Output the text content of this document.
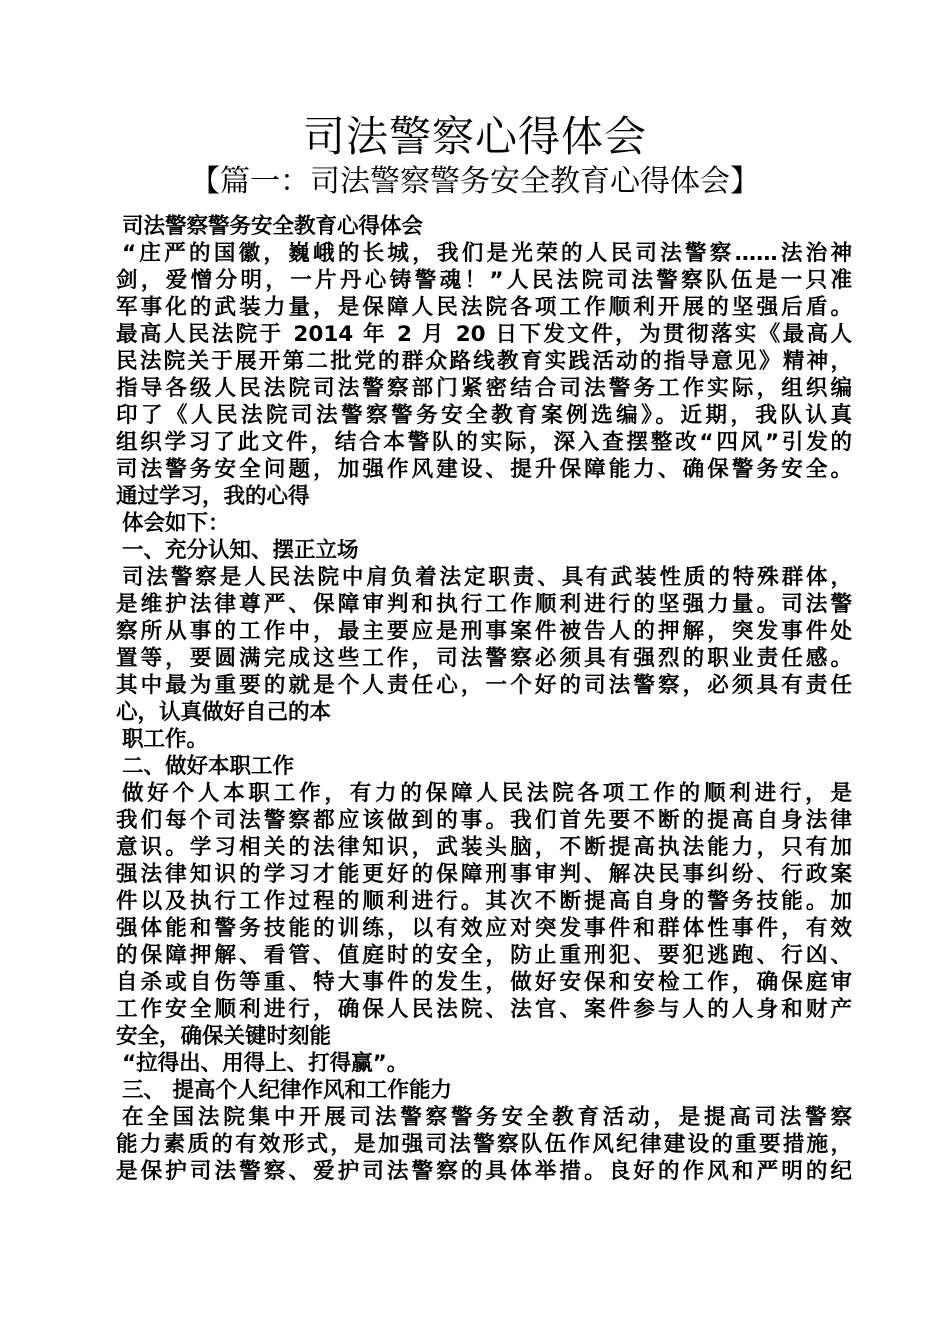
司法警察心得体会
【篇一：司法警察警务安全教育心得体会】
司法警察警务安全教育心得体会
“庄严的国徽，巍峨的长城，我们是光荣的人民司法警察……法治神
剑，爱憎分明，一片丹心铸警魂！”人民法院司法警察队伍是一只准
军事化的武装力量，是保障人民法院各项工作顺利开展的坚强后盾。
最高人民法院于 2014 年 2 月 20 日下发文件，为贯彻落实《最高人
民法院关于展开第二批党的群众路线教育实践活动的指导意见》精神，
指导各级人民法院司法警察部门紧密结合司法警务工作实际，组织编
印了《人民法院司法警察警务安全教育案例选编》。近期，我队认真
组织学习了此文件，结合本警队的实际，深入查摆整改“四风”引发的
司法警务安全问题，加强作风建设、提升保障能力、确保警务安全。
通过学习，我的心得
体会如下：
一、充分认知、摆正立场
司法警察是人民法院中肩负着法定职责、具有武装性质的特殊群体，
是维护法律尊严、保障审判和执行工作顺利进行的坚强力量。司法警
察所从事的工作中，最主要应是刑事案件被告人的押解，突发事件处
置等，要圆满完成这些工作，司法警察必须具有强烈的职业责任感。
其中最为重要的就是个人责任心，一个好的司法警察，必须具有责任
心，认真做好自己的本
职工作。
二、做好本职工作
做好个人本职工作，有力的保障人民法院各项工作的顺利进行，是
我们每个司法警察都应该做到的事。我们首先要不断的提高自身法律
意识。学习相关的法律知识，武装头脑，不断提高执法能力，只有加
强法律知识的学习才能更好的保障刑事审判、解决民事纠纷、行政案
件以及执行工作过程的顺利进行。其次不断提高自身的警务技能。加
强体能和警务技能的训练，以有效应对突发事件和群体性事件，有效
的保障押解、看管、值庭时的安全，防止重刑犯、要犯逃跑、行凶、
自杀或自伤等重、特大事件的发生，做好安保和安检工作，确保庭审
工作安全顺利进行，确保人民法院、法官、案件参与人的人身和财产
安全，确保关键时刻能
“拉得出、用得上、打得赢”。
三、 提高个人纪律作风和工作能力
在全国法院集中开展司法警察警务安全教育活动，是提高司法警察
能力素质的有效形式，是加强司法警察队伍作风纪律建设的重要措施，
是保护司法警察、爱护司法警察的具体举措。良好的作风和严明的纪
